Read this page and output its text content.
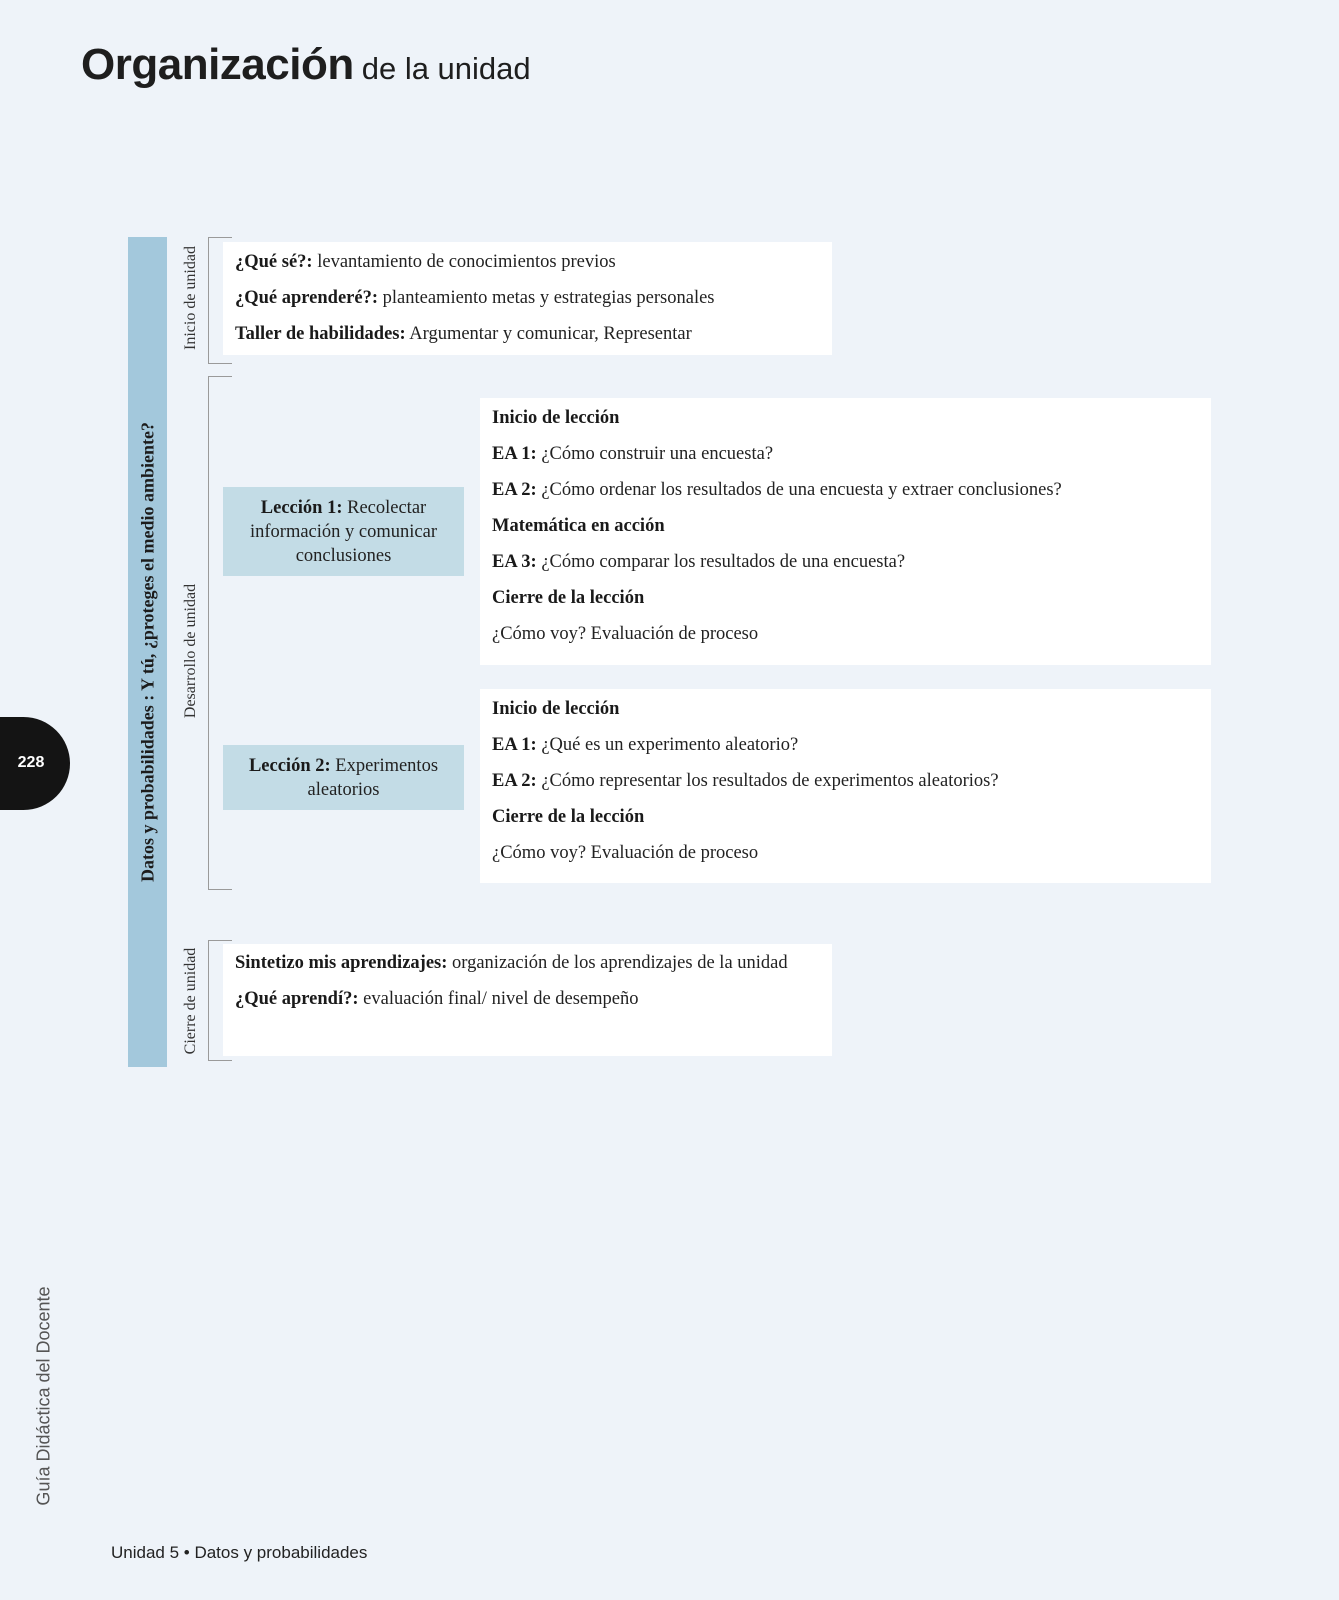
Organización de la unidad
Datos y probabilidades : Y tú, ¿proteges el medio ambiente?
Inicio de unidad
Desarrollo de unidad
Cierre de unidad
¿Qué sé?: levantamiento de conocimientos previos
¿Qué aprenderé?: planteamiento metas y estrategias personales
Taller de habilidades: Argumentar y comunicar, Representar
Lección 1: Recolectar información y comunicar conclusiones
Inicio de lección
EA 1: ¿Cómo construir una encuesta?
EA 2: ¿Cómo ordenar los resultados de una encuesta y extraer conclusiones?
Matemática en acción
EA 3: ¿Cómo comparar los resultados de una encuesta?
Cierre de la lección
¿Cómo voy? Evaluación de proceso
Lección 2: Experimentos aleatorios
Inicio de lección
EA 1: ¿Qué es un experimento aleatorio?
EA 2: ¿Cómo representar los resultados de experimentos aleatorios?
Cierre de la lección
¿Cómo voy? Evaluación de proceso
Sintetizo mis aprendizajes: organización de los aprendizajes de la unidad
¿Qué aprendí?: evaluación final/ nivel de desempeño
228
Guía Didáctica del Docente
Unidad 5 • Datos y probabilidades
